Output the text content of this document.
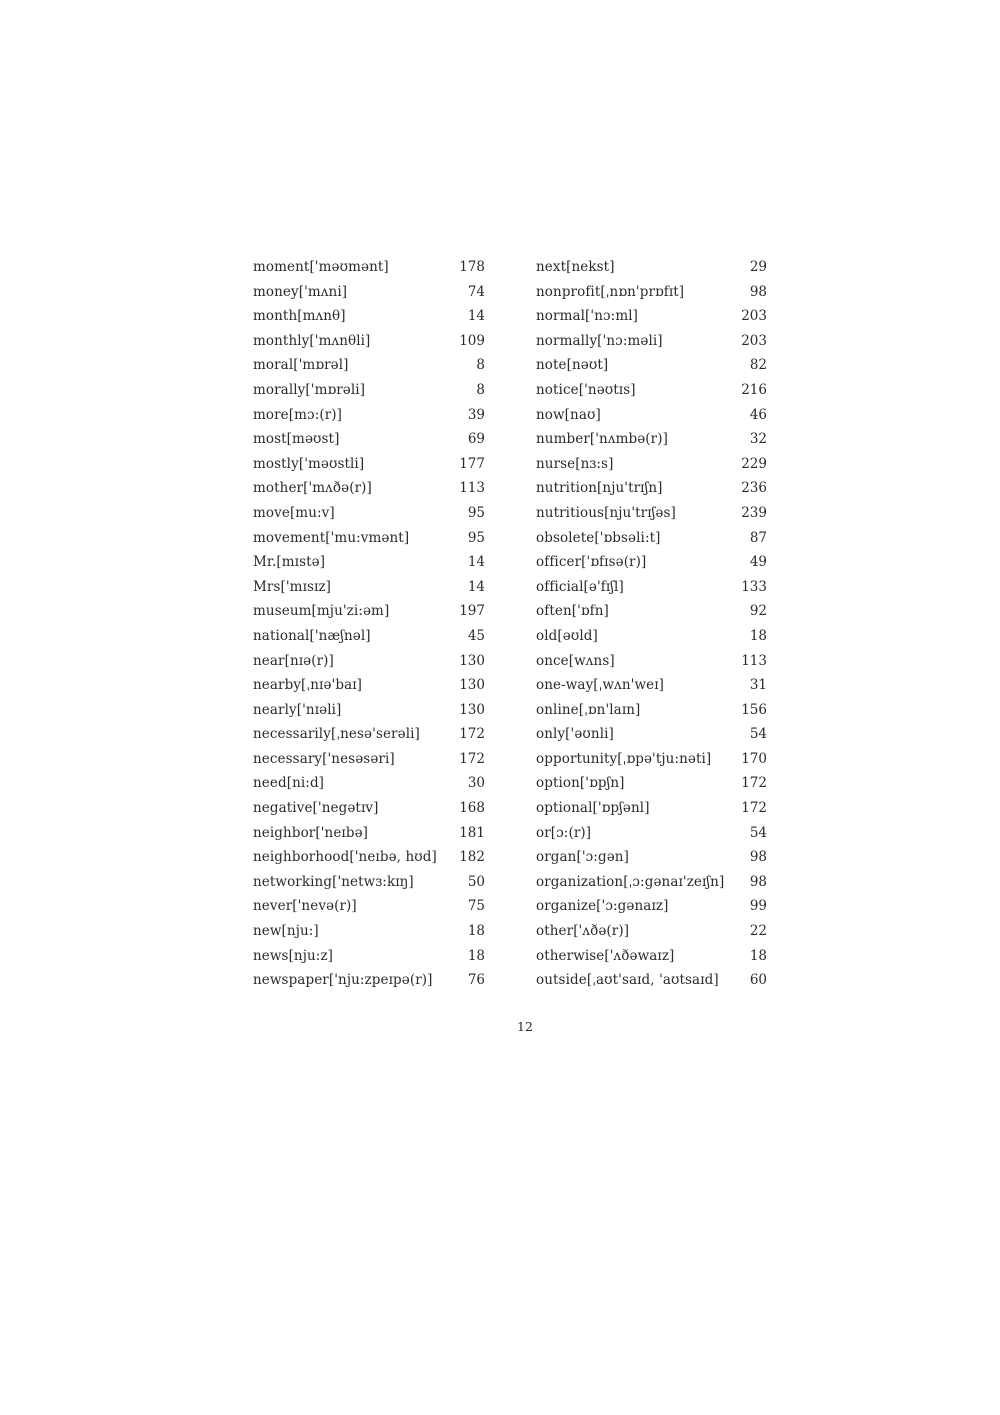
moment['məʊmənt]	178
money['mʌni]	74
month[mʌnθ]	14
monthly['mʌnθli]	109
moral['mɒrəl]	8
morally['mɒrəli]	8
more[mɔ:(r)]	39
most[məʊst]	69
mostly['məʊstli]	177
mother['mʌðə(r)]	113
move[mu:v]	95
movement['mu:vmənt]	95
Mr.[mɪstə]	14
Mrs['mɪsɪz]	14
museum[mju'zi:əm]	197
national['næʃnəl]	45
near[nɪə(r)]	130
nearby[ˌnɪə'baɪ]	130
nearly['nɪəli]	130
necessarily[ˌnesə'serəli]	172
necessary['nesəsəri]	172
need[ni:d]	30
negative['negətɪv]	168
neighbor['neɪbə]	181
neighborhood['neɪbə, hʊd] 182
networking['netwɜ:kɪŋ]	50
never['nevə(r)]	75
new[nju:]	18
news[nju:z]	18
newspaper['nju:zpeɪpə(r)]	76
next[nekst]	29
nonprofit[ˌnɒn'prɒfɪt]	98
normal['nɔ:ml]	203
normally['nɔ:məli]	203
note[nəʊt]	82
notice['nəʊtɪs]	216
now[naʊ]	46
number['nʌmbə(r)]	32
nurse[nɜ:s]	229
nutrition[nju'trɪʃn]	236
nutritious[nju'trɪʃəs]	239
obsolete['ɒbsəli:t]	87
officer['ɒfɪsə(r)]	49
official[ə'fɪʃl]	133
often['ɒfn]	92
old[əʊld]	18
once[wʌns]	113
one-way[ˌwʌn'weɪ]	31
online[ˌɒn'laɪn]	156
only['əʊnli]	54
opportunity[ˌɒpə'tju:nəti] 170
option['ɒpʃn]	172
optional['ɒpʃənl]	172
or[ɔ:(r)]	54
organ['ɔ:gən]	98
organization[ˌɔ:gənaɪ'zeɪʃn] 98
organize['ɔ:gənaɪz]	99
other['ʌðə(r)]	22
otherwise['ʌðəwaɪz]	18
outside[ˌaʊt'saɪd, 'aʊtsaɪd] 60
12
